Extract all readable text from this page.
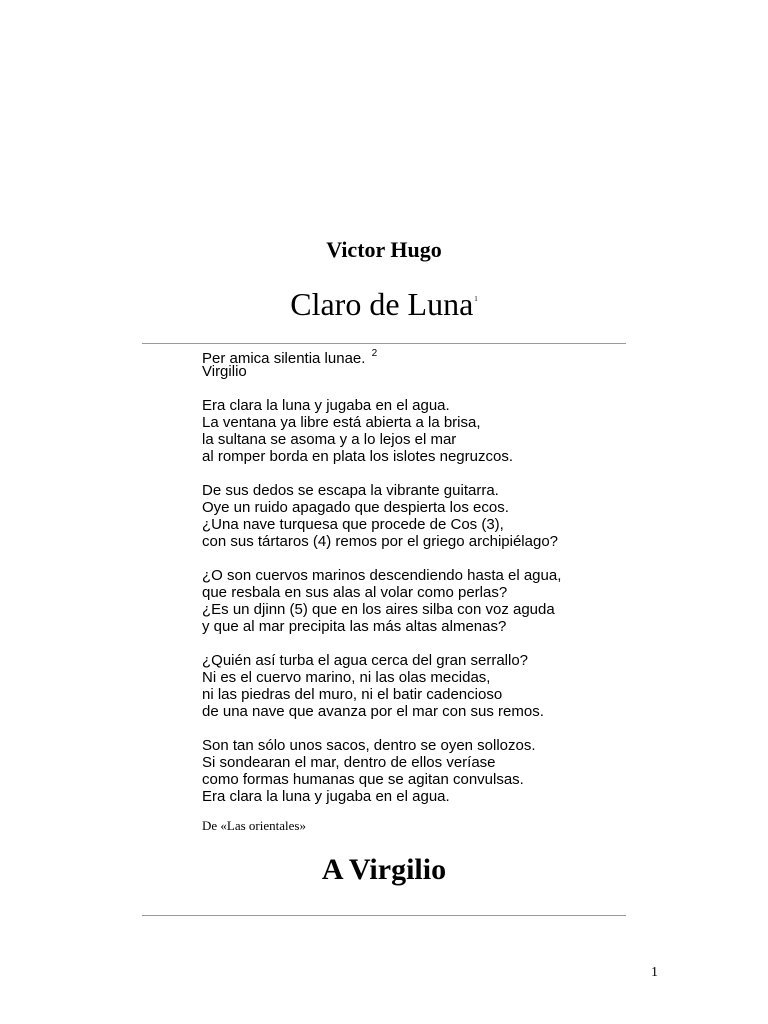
Victor Hugo
Claro de Luna$^1$
Per amica silentia lunae. $^2$
Virgilio
Era clara la luna y jugaba en el agua.
La ventana ya libre está abierta a la brisa,
la sultana se asoma y a lo lejos el mar
al romper borda en plata los islotes negruzcos.
De sus dedos se escapa la vibrante guitarra.
Oye un ruido apagado que despierta los ecos.
¿Una nave turquesa que procede de Cos (3),
con sus tártaros (4) remos por el griego archipiélago?
¿O son cuervos marinos descendiendo hasta el agua,
que resbala en sus alas al volar como perlas?
¿Es un djinn (5) que en los aires silba con voz aguda
y que al mar precipita las más altas almenas?
¿Quién así turba el agua cerca del gran serrallo?
Ni es el cuervo marino, ni las olas mecidas,
ni las piedras del muro, ni el batir cadencioso
de una nave que avanza por el mar con sus remos.
Son tan sólo unos sacos, dentro se oyen sollozos.
Si sondearan el mar, dentro de ellos veríase
como formas humanas que se agitan convulsas.
Era clara la luna y jugaba en el agua.
De «Las orientales»
A Virgilio
1
